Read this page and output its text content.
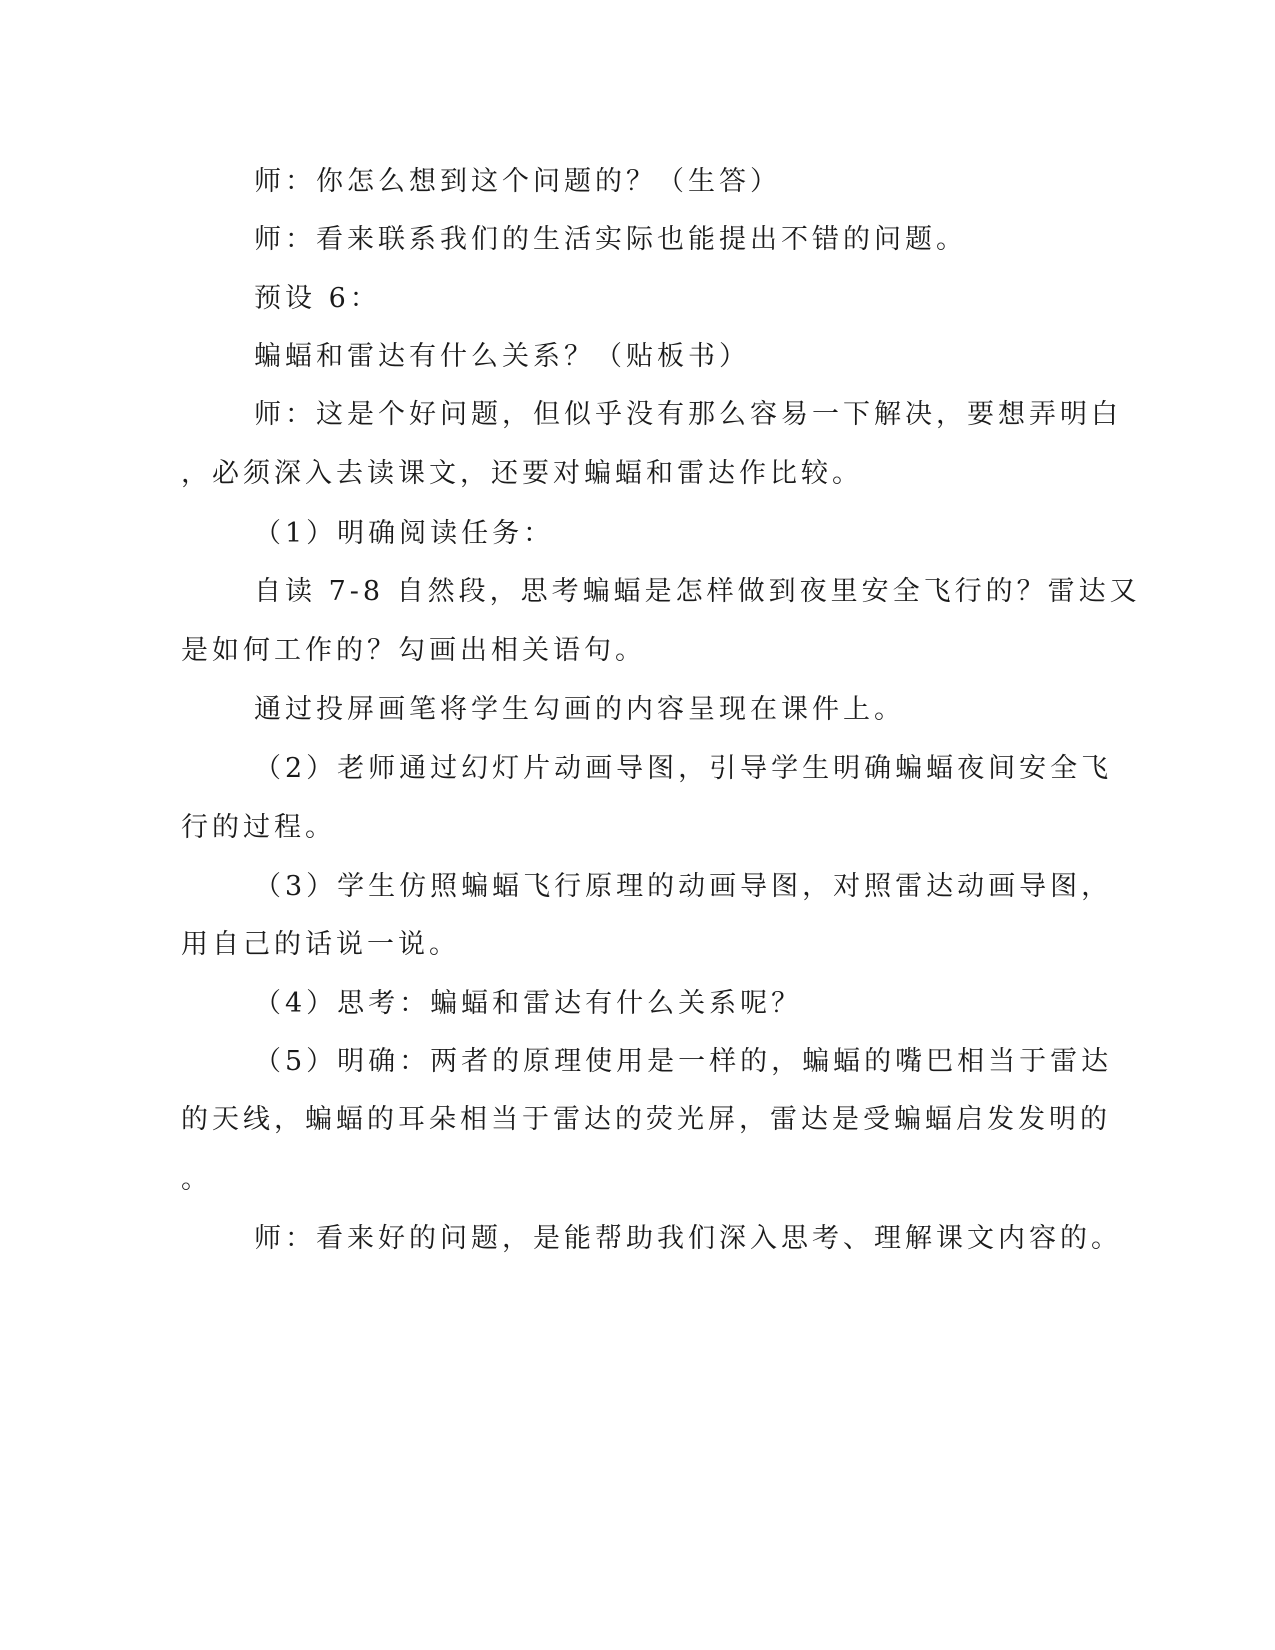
师：你怎么想到这个问题的？（生答）

师：看来联系我们的生活实际也能提出不错的问题。

预设 6：

蝙蝠和雷达有什么关系？（贴板书）

师：这是个好问题，但似乎没有那么容易一下解决，要想弄明白

，必须深入去读课文，还要对蝙蝠和雷达作比较。

（1）明确阅读任务：

自读 7-8 自然段，思考蝙蝠是怎样做到夜里安全飞行的？雷达又

是如何工作的？勾画出相关语句。

通过投屏画笔将学生勾画的内容呈现在课件上。

（2）老师通过幻灯片动画导图，引导学生明确蝙蝠夜间安全飞

行的过程。

（3）学生仿照蝙蝠飞行原理的动画导图，对照雷达动画导图，

用自己的话说一说。

（4）思考：蝙蝠和雷达有什么关系呢？

（5）明确：两者的原理使用是一样的，蝙蝠的嘴巴相当于雷达

的天线，蝙蝠的耳朵相当于雷达的荧光屏，雷达是受蝙蝠启发发明的

。

师：看来好的问题，是能帮助我们深入思考、理解课文内容的。
